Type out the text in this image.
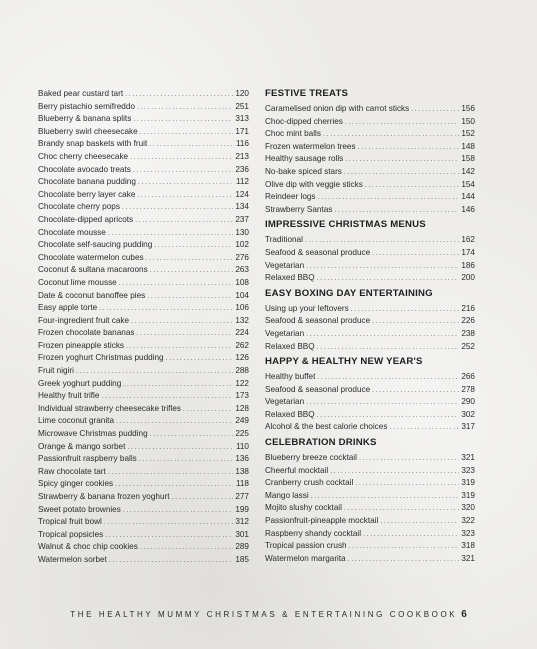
Baked pear custard tart .....	120
Berry pistachio semifreddo .....	251
Blueberry & banana splits .....	313
Blueberry swirl cheesecake .....	171
Brandy snap baskets with fruit .....	116
Choc cherry cheesecake .....	213
Chocolate avocado treats .....	236
Chocolate banana pudding .....	112
Chocolate berry layer cake .....	124
Chocolate cherry pops .....	134
Chocolate-dipped apricots .....	237
Chocolate mousse .....	130
Chocolate self-saucing pudding .....	102
Chocolate watermelon cubes .....	276
Coconut & sultana macaroons .....	263
Coconut lime mousse .....	108
Date & coconut banoffee pies .....	104
Easy apple torte .....	106
Four-ingredient fruit cake .....	132
Frozen chocolate bananas .....	224
Frozen pineapple sticks .....	262
Frozen yoghurt Christmas pudding .....	126
Fruit nigiri .....	288
Greek yoghurt pudding .....	122
Healthy fruit trifle .....	173
Individual strawberry cheesecake trifles .....	128
Lime coconut granita .....	249
Microwave Christmas pudding .....	225
Orange & mango sorbet .....	110
Passionfruit raspberry balls .....	136
Raw chocolate tart .....	138
Spicy ginger cookies .....	118
Strawberry & banana frozen yoghurt .....	277
Sweet potato brownies .....	199
Tropical fruit bowl .....	312
Tropical popsicles .....	301
Walnut & choc chip cookies .....	289
Watermelon sorbet .....	185
FESTIVE TREATS
Caramelised onion dip with carrot sticks .....	156
Choc-dipped cherries .....	150
Choc mint balls .....	152
Frozen watermelon trees .....	148
Healthy sausage rolls .....	158
No-bake spiced stars .....	142
Olive dip with veggie sticks .....	154
Reindeer logs .....	144
Strawberry Santas .....	146
IMPRESSIVE CHRISTMAS MENUS
Traditional .....	162
Seafood & seasonal produce .....	174
Vegetarian .....	186
Relaxed BBQ .....	200
EASY BOXING DAY ENTERTAINING
Using up your leftovers .....	216
Seafood & seasonal produce .....	226
Vegetarian .....	238
Relaxed BBQ .....	252
HAPPY & HEALTHY NEW YEAR'S
Healthy buffet .....	266
Seafood & seasonal produce .....	278
Vegetarian .....	290
Relaxed BBQ .....	302
Alcohol & the best calorie choices .....	317
CELEBRATION DRINKS
Blueberry breeze cocktail .....	321
Cheerful mocktail .....	323
Cranberry crush cocktail .....	319
Mango lassi .....	319
Mojito slushy cocktail .....	320
Passionfruit-pineapple mocktail .....	322
Raspberry shandy cocktail .....	323
Tropical passion crush .....	318
Watermelon margarita .....	321
THE HEALTHY MUMMY CHRISTMAS & ENTERTAINING COOKBOOK 6
